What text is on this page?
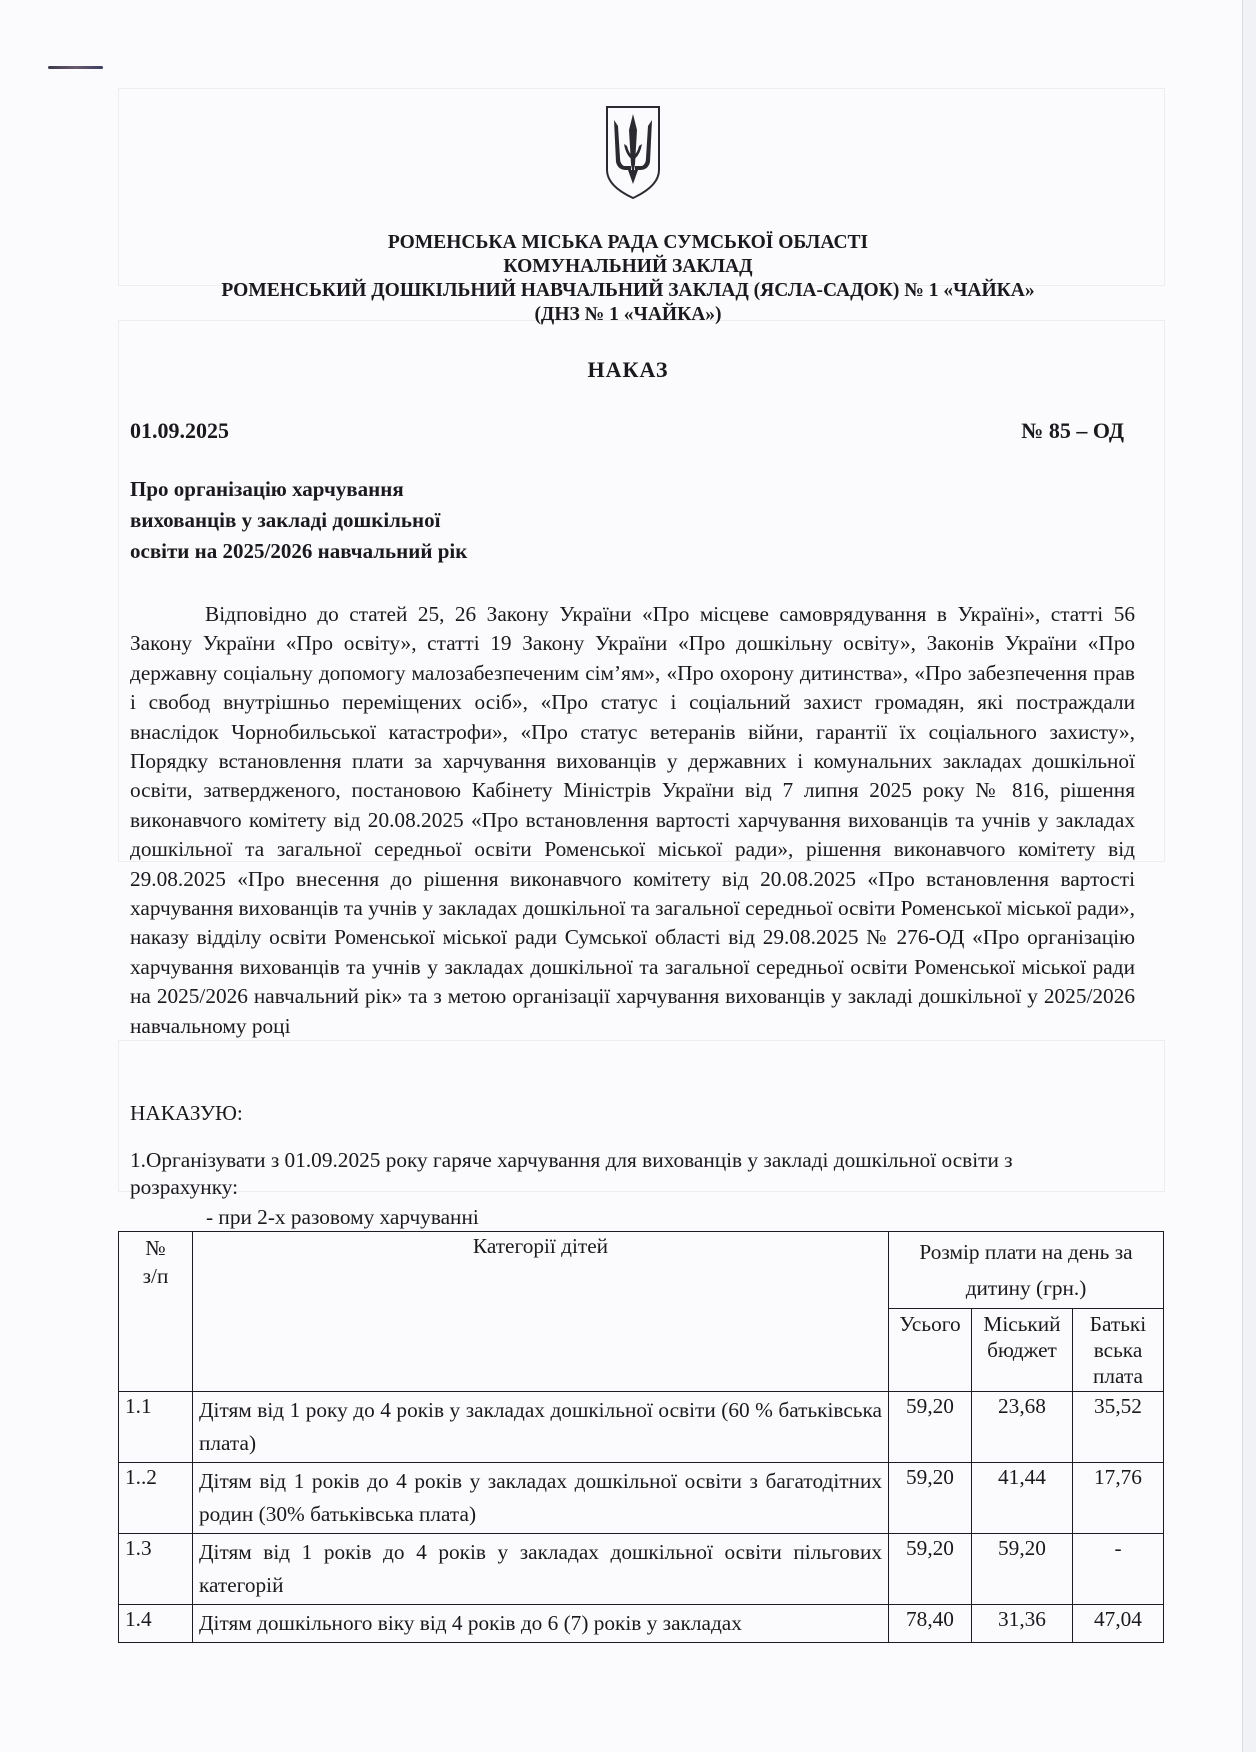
РОМЕНСЬКА МІСЬКА РАДА СУМСЬКОЇ ОБЛАСТІ
КОМУНАЛЬНИЙ ЗАКЛАД
РОМЕНСЬКИЙ ДОШКІЛЬНИЙ НАВЧАЛЬНИЙ ЗАКЛАД (ЯСЛА-САДОК) № 1 «ЧАЙКА»
(ДНЗ № 1 «ЧАЙКА»)
НАКАЗ
01.09.2025	№ 85 – ОД
Про організацію харчування
вихованців у закладі дошкільної
освіти на 2025/2026 навчальний рік
Відповідно до статей 25, 26 Закону України «Про місцеве самоврядування в Україні», статті 56 Закону України «Про освіту», статті 19 Закону України «Про дошкільну освіту», Законів України «Про державну соціальну допомогу малозабезпеченим сім’ям», «Про охорону дитинства», «Про забезпечення прав і свобод внутрішньо переміщених осіб», «Про статус і соціальний захист громадян, які постраждали внаслідок Чорнобильської катастрофи», «Про статус ветеранів війни, гарантії їх соціального захисту», Порядку встановлення плати за харчування вихованців у державних і комунальних закладах дошкільної освіти, затвердженого, постановою Кабінету Міністрів України від 7 липня 2025 року № 816, рішення виконавчого комітету від 20.08.2025 «Про встановлення вартості харчування вихованців та учнів у закладах дошкільної та загальної середньої освіти Роменської міської ради», рішення виконавчого комітету від 29.08.2025 «Про внесення до рішення виконавчого комітету від 20.08.2025 «Про встановлення вартості харчування вихованців та учнів у закладах дошкільної та загальної середньої освіти Роменської міської ради», наказу відділу освіти Роменської міської ради Сумської області від 29.08.2025 № 276-ОД «Про організацію харчування вихованців та учнів у закладах дошкільної та загальної середньої освіти Роменської міської ради на 2025/2026 навчальний рік» та з метою організації харчування вихованців у закладі дошкільної у 2025/2026 навчальному році
НАКАЗУЮ:
1.Організувати з 01.09.2025 року гаряче харчування для вихованців у закладі дошкільної освіти з розрахунку:
- при 2-х разовому харчуванні
№
з/п	Категорії дітей	Розмір плати на день за дитину (грн.)		
		Усього	Міський бюджет	Батькі
вська
плата

1.1	Дітям від 1 року до 4 років у закладах дошкільної освіти (60 % батьківська плата)	59,20	23,68	35,52
1..2	Дітям від 1 років до 4 років у закладах дошкільної освіти з багатодітних родин (30% батьківська плата)	59,20	41,44	17,76
1.3	Дітям від 1 років до 4 років у закладах дошкільної освіти пільгових категорій	59,20	59,20	-
1.4	Дітям дошкільного віку від 4 років до 6 (7) років у закладах	78,40	31,36	47,04
